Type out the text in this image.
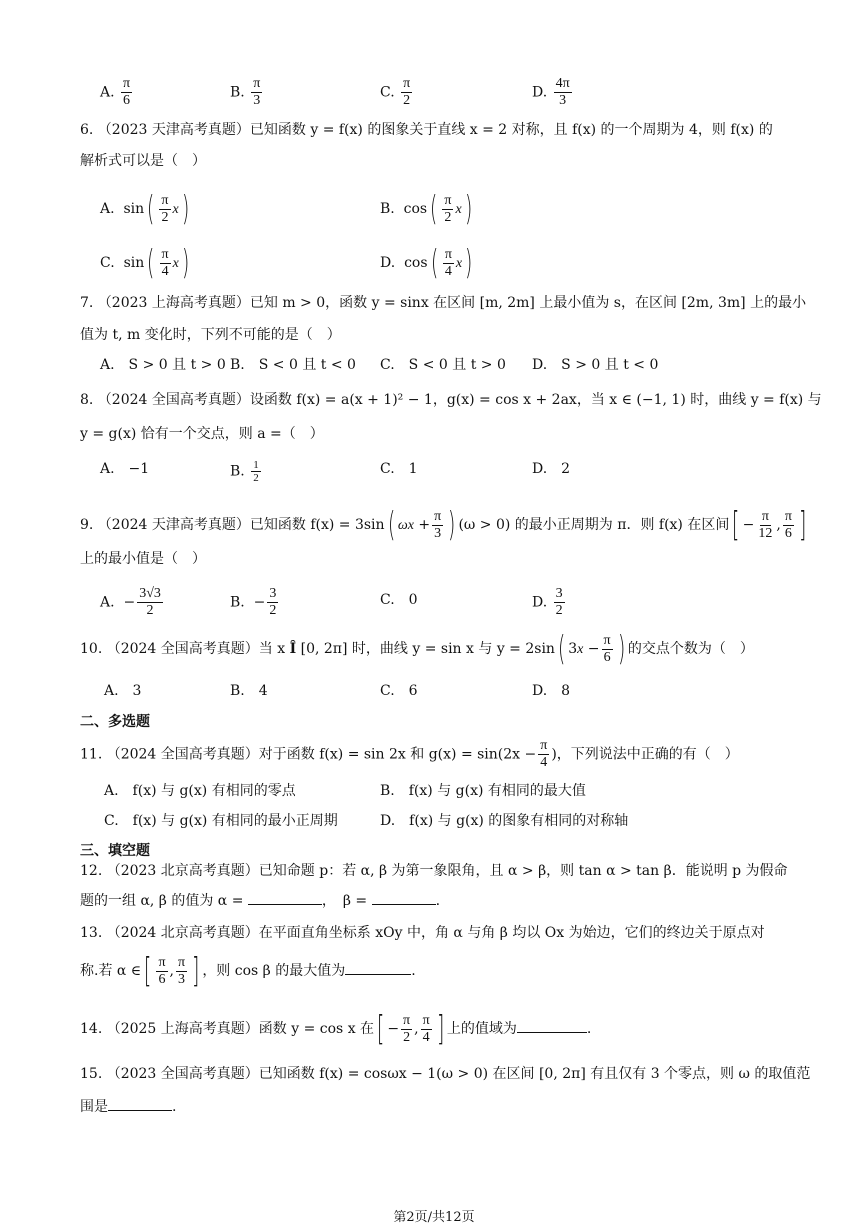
A. $\frac{\pi}{6}$	B. $\frac{\pi}{3}$	C. $\frac{\pi}{2}$	D. $\frac{4\pi}{3}$
6. （2023 天津高考真题）已知函数 y = f(x) 的图象关于直线 x = 2 对称，且 f(x) 的一个周期为 4，则 f(x) 的
解析式可以是（　）
A.  $\sin( \frac{\pi}{2} x)$	B.  $\cos( \frac{\pi}{2} x)$
C.  $\sin( \frac{\pi}{4} x)$	D.  $\cos( \frac{\pi}{4} x)$
7. （2023 上海高考真题）已知 m > 0，函数 y = sinx 在区间 [m, 2m] 上最小值为 s，在区间 [2m, 3m] 上的最小
值为 t, m 变化时，下列不可能的是（　）
A.　S > 0 且 t > 0 B.　S < 0 且 t < 0 C.　S < 0 且 t > 0 D.　S > 0 且 t < 0
8. （2024 全国高考真题）设函数 f(x) = a(x + 1)² − 1，g(x) = cos x + 2ax，当 x ∈ (−1, 1) 时，曲线 y = f(x) 与
y = g(x) 恰有一个交点，则 a =（　）
A.　−1	B. $\frac{1}{2}$	C.　1	D.　2
9. （2024 天津高考真题）已知函数 f(x) = 3sin( $\omega x + \frac{\pi}{3}$ ) (ω > 0) 的最小正周期为 π．则 f(x) 在区间[ − $\frac{\pi}{12}$ , $\frac{\pi}{6}$ ]
上的最小值是（　）
A.  − $\frac{3√3}{2}$	B.  − $\frac{3}{2}$	C.　0	D. $\frac{3}{2}$
10. （2024 全国高考真题）当 x Î [0, 2π] 时，曲线 y = sin x 与 y = 2sin( $3x - \frac{\pi}{6}$ ) 的交点个数为（　）
A.　3	B.　4	C.　6	D.　8
二、多选题
11. （2024 全国高考真题）对于函数 f(x) = sin 2x 和 $g(x) = \sin(2x - \frac{\pi}{4}$ )，下列说法中正确的有（　）
A.　f(x) 与 g(x) 有相同的零点	B.　f(x) 与 g(x) 有相同的最大值
C.　f(x) 与 g(x) 有相同的最小正周期	D.　f(x) 与 g(x) 的图象有相同的对称轴
三、填空题
12. （2023 北京高考真题）已知命题 p：若 α, β 为第一象限角，且 α > β，则 tan α > tan β．能说明 p 为假命
题的一组 α, β 的值为 α =	，　β =	.
13. （2024 北京高考真题）在平面直角坐标系 xOy 中，角 α 与角 β 均以 Ox 为始边，它们的终边关于原点对
称.若 α ∈[ $\frac{\pi}{6}$ , $\frac{\pi}{3}$ ] ，则 cos β 的最大值为	.
14. （2025 上海高考真题）函数 y = cos x 在[ − $\frac{\pi}{2}$ , $\frac{\pi}{4}$ ] 上的值域为	.
15. （2023 全国高考真题）已知函数 f(x) = cosωx − 1(ω > 0) 在区间 [0, 2π] 有且仅有 3 个零点，则 ω 的取值范
围是	.
第2页/共12页
